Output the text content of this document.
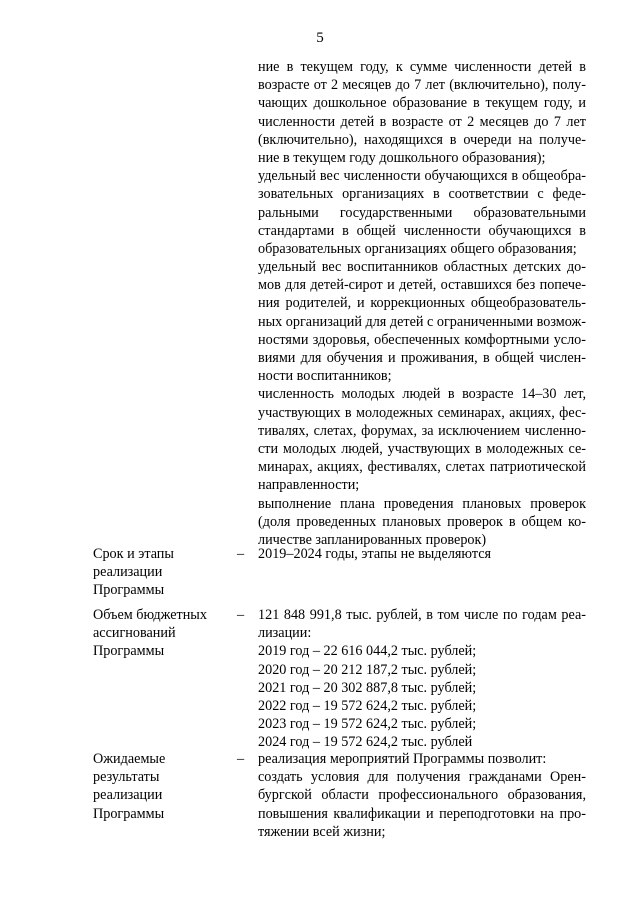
5
ние в текущем году, к сумме численности детей в
возрасте от 2 месяцев до 7 лет (включительно), полу-
чающих дошкольное образование в текущем году, и
численности детей в возрасте от 2 месяцев до 7 лет
(включительно), находящихся в очереди на получе-
ние в текущем году дошкольного образования);
удельный вес численности обучающихся в общеобра-
зовательных организациях в соответствии с феде-
ральными государственными образовательными
стандартами в общей численности обучающихся в
образовательных организациях общего образования;
удельный вес воспитанников областных детских до-
мов для детей-сирот и детей, оставшихся без попече-
ния родителей, и коррекционных общеобразователь-
ных организаций для детей с ограниченными возмож-
ностями здоровья, обеспеченных комфортными усло-
виями для обучения и проживания, в общей числен-
ности воспитанников;
численность молодых людей в возрасте 14–30 лет,
участвующих в молодежных семинарах, акциях, фес-
тивалях, слетах, форумах, за исключением численно-
сти молодых людей, участвующих в молодежных се-
минарах, акциях, фестивалях, слетах патриотической
направленности;
выполнение плана проведения плановых проверок
(доля проведенных плановых проверок в общем ко-
личестве запланированных проверок)
Срок и этапы
реализации
Программы
– 2019–2024 годы, этапы не выделяются
Объем бюджетных
ассигнований
Программы
– 121 848 991,8 тыс. рублей, в том числе по годам реа-
лизации:
2019 год – 22 616 044,2 тыс. рублей;
2020 год – 20 212 187,2 тыс. рублей;
2021 год – 20 302 887,8 тыс. рублей;
2022 год – 19 572 624,2 тыс. рублей;
2023 год – 19 572 624,2 тыс. рублей;
2024 год – 19 572 624,2 тыс. рублей
Ожидаемые
результаты
реализации
Программы
– реализация мероприятий Программы позволит:
создать условия для получения гражданами Орен-
бургской области профессионального образования,
повышения квалификации и переподготовки на про-
тяжении всей жизни;
